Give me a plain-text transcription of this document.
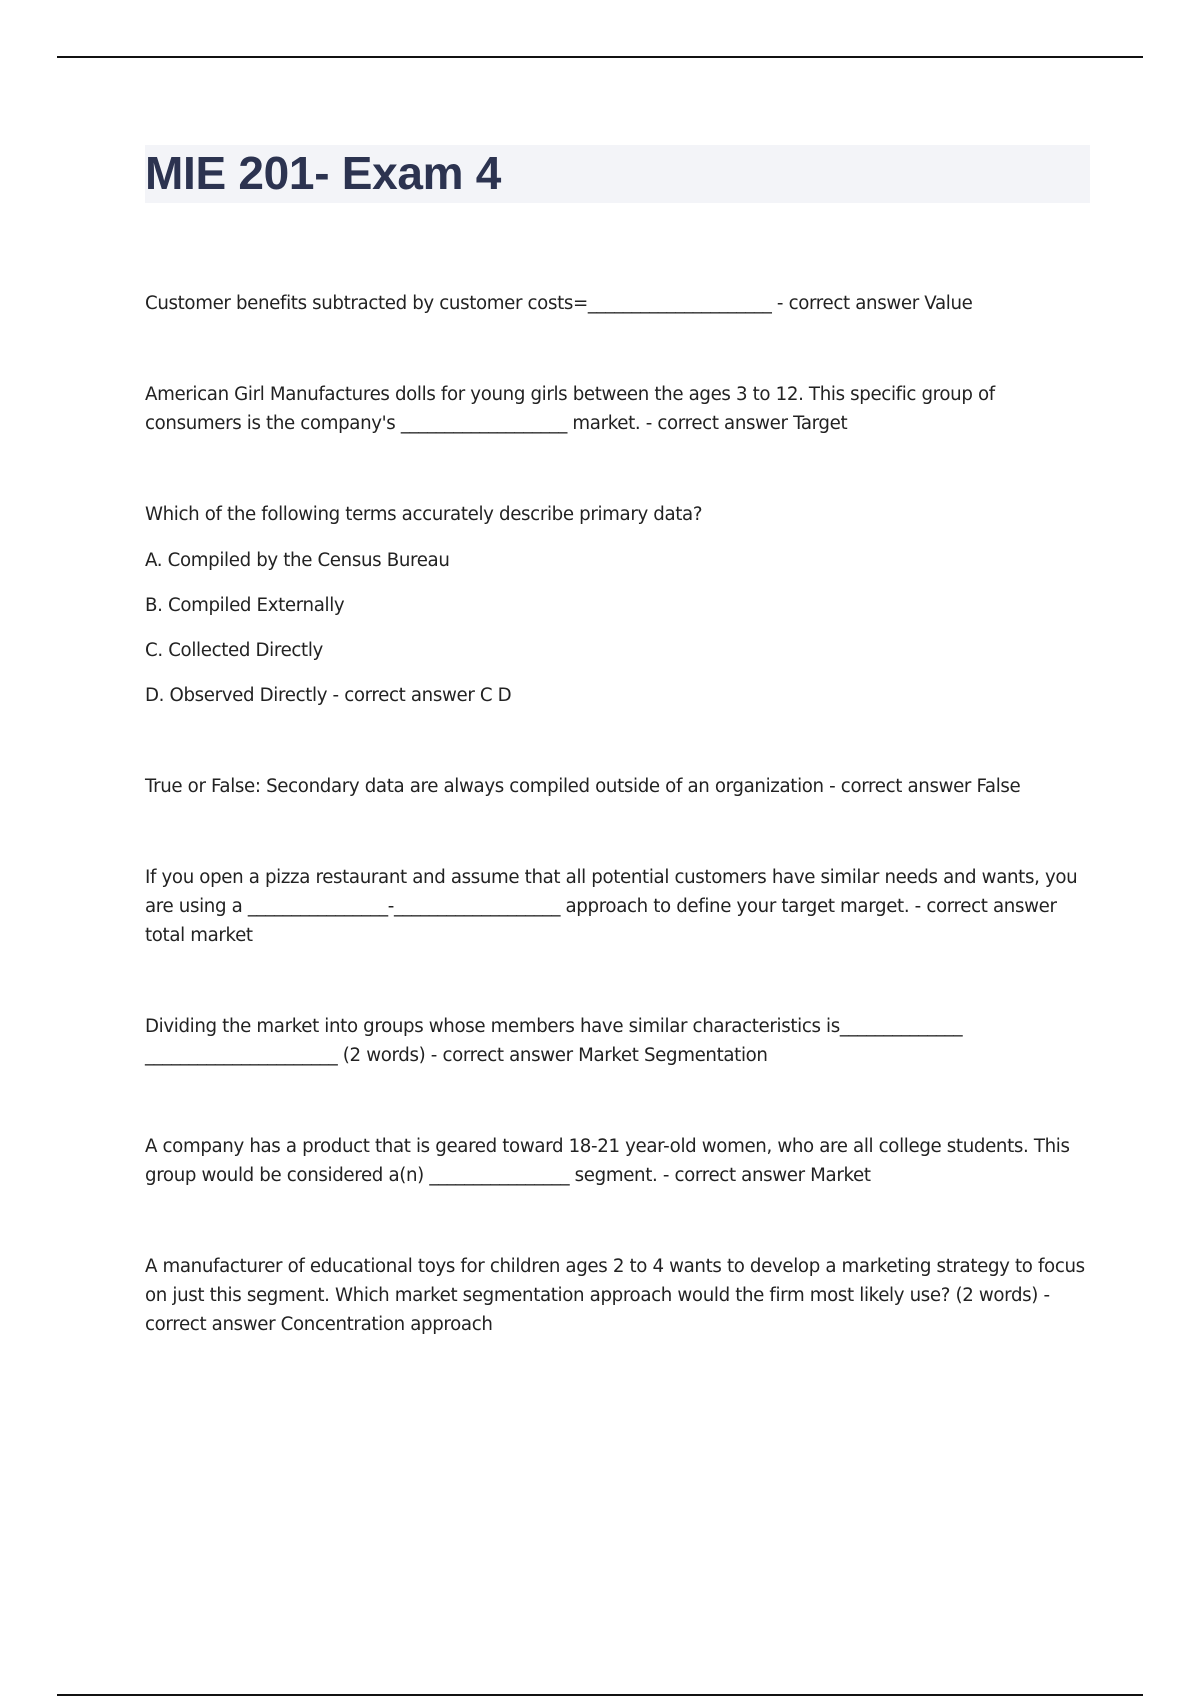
MIE 201- Exam 4

Customer benefits subtracted by customer costs=_____________________ - correct answer Value

American Girl Manufactures dolls for young girls between the ages 3 to 12. This specific group of consumers is the company's ___________________ market. - correct answer Target

Which of the following terms accurately describe primary data?

A. Compiled by the Census Bureau
B. Compiled Externally
C. Collected Directly
D. Observed Directly - correct answer C D

True or False: Secondary data are always compiled outside of an organization - correct answer False

If you open a pizza restaurant and assume that all potential customers have similar needs and wants, you are using a ________________-___________________ approach to define your target marget. - correct answer total market

Dividing the market into groups whose members have similar characteristics is______________ ______________________ (2 words) - correct answer Market Segmentation

A company has a product that is geared toward 18-21 year-old women, who are all college students. This group would be considered a(n) ________________ segment. - correct answer Market

A manufacturer of educational toys for children ages 2 to 4 wants to develop a marketing strategy to focus on just this segment. Which market segmentation approach would the firm most likely use? (2 words) - correct answer Concentration approach
